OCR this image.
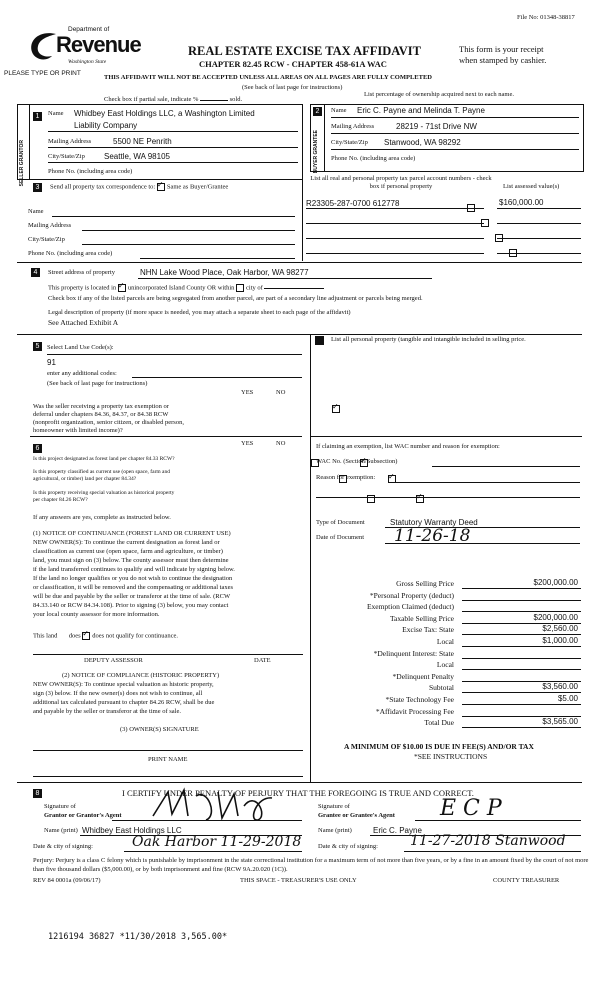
File No: 01348-38817
Department of
Revenue
Washington State
PLEASE TYPE OR PRINT
REAL ESTATE EXCISE TAX AFFIDAVIT
CHAPTER 82.45 RCW - CHAPTER 458-61A WAC
This form is your receipt
when stamped by cashier.
THIS AFFIDAVIT WILL NOT BE ACCEPTED UNLESS ALL AREAS ON ALL PAGES ARE FULLY COMPLETED
(See back of last page for instructions)
Check box if partial sale, indicate %	sold.
List percentage of ownership acquired next to each name.
1
SELLER GRANTOR
Name Whidbey East Holdings LLC, a Washington Limited
Liability Company
Mailing Address	5500 NE Penrith
City/State/Zip Seattle, WA 98105
Phone No. (including area code)
2
BUYER GRANTEE
Name Eric C. Payne and Melinda T. Payne
Mailing Address	28219 - 71st Drive NW
City/State/Zip Stanwood, WA 98292
Phone No. (including area code)
3	Send all property tax correspondence to: ✓ Same as Buyer/Grantee
Name
Mailing Address
City/State/Zip
Phone No. (including area code)
List all real and personal property tax parcel account numbers - check box if personal property	List assessed value(s)
R23305-287-0700 612778	$160,000.00

4	Street address of property	NHN Lake Wood Place, Oak Harbor, WA 98277
This property is located in ✓ unincorporated Island County OR within city of
Check box if any of the listed parcels are being segregated from another parcel, are part of a secondary line adjustment or parcels being merged.
Legal description of property (if more space is needed, you may attach a separate sheet to each page of the affidavit)
See Attached Exhibit A
5	Select Land Use Code(s):
91
enter any additional codes:
(See back of last page for instructions)
YES	NO
✓
Was the seller receiving a property tax exemption or
deferral under chapters 84.36, 84.37, or 84.38 RCW
(nonprofit organization, senior citizen, or disabled person,
homeowner with limited income)?
6
YES	NO
Is this project designated as forest land per chapter 84.33 RCW?
✓
Is this property classified as current use (open space, farm and
agricultural, or timber) land per chapter 84.34?
✓
Is this property receiving special valuation as historical property
per chapter 84.26 RCW?
✓
If any answers are yes, complete as instructed below.
(1) NOTICE OF CONTINUANCE (FOREST LAND OR CURRENT USE)
NEW OWNER(S): To continue the current designation as forest land or
classification as current use (open space, farm and agriculture, or timber)
land, you must sign on (3) below. The county assessor must then determine
if the land transferred continues to qualify and will indicate by signing below.
If the land no longer qualifies or you do not wish to continue the designation
or classification, it will be removed and the compensating or additional taxes
will be due and payable by the seller or transferor at the time of sale. (RCW
84.33.140 or RCW 84.34.108). Prior to signing (3) below, you may contact
your local county assessor for more information.
This land does ✓ does not qualify for continuance.
DEPUTY ASSESSOR	DATE
(2) NOTICE OF COMPLIANCE (HISTORIC PROPERTY)
NEW OWNER(S): To continue special valuation as historic property,
sign (3) below. If the new owner(s) does not wish to continue, all
additional tax calculated pursuant to chapter 84.26 RCW, shall be due
and payable by the seller or transferor at the time of sale.
(3) OWNER(S) SIGNATURE
PRINT NAME
List all personal property (tangible and intangible included in selling price.
If claiming an exemption, list WAC number and reason for exemption:
WAC No. (Section/Subsection)
Reason for exemption:
Type of Document	Statutory Warranty Deed
Date of Document 11-26-18
Gross Selling Price	$200,000.00
*Personal Property (deduct)
Exemption Claimed (deduct)
Taxable Selling Price	$200,000.00
Excise Tax: State	$2,560.00
Local	$1,000.00
*Delinquent Interest: State
Local
*Delinquent Penalty
Subtotal	$3,560.00
*State Technology Fee	$5.00
*Affidavit Processing Fee
Total Due	$3,565.00
A MINIMUM OF $10.00 IS DUE IN FEE(S) AND/OR TAX
*SEE INSTRUCTIONS
8	I CERTIFY UNDER PENALTY OF PERJURY THAT THE FOREGOING IS TRUE AND CORRECT.
Signature of
Grantor or Grantor's Agent
Name (print) Whidbey East Holdings LLC
Date & city of signing:	Oak Harbor 11-29-2018
Signature of
Grantee or Grantee's Agent E C P
Name (print)	Eric C. Payne
Date & city of signing: 11-27-2018 Stanwood
Perjury: Perjury is a class C felony which is punishable by imprisonment in the state correctional institution for a maximum term of not more than five years, or by a fine in an amount fixed by the court of not more than five thousand dollars ($5,000.00), or by both imprisonment and fine (RCW 9A.20.020 (1C)).
REV 84 0001a (09/06/17)	THIS SPACE - TREASURER'S USE ONLY	COUNTY TREASURER
1216194 36827 *11/30/2018 3,565.00*
